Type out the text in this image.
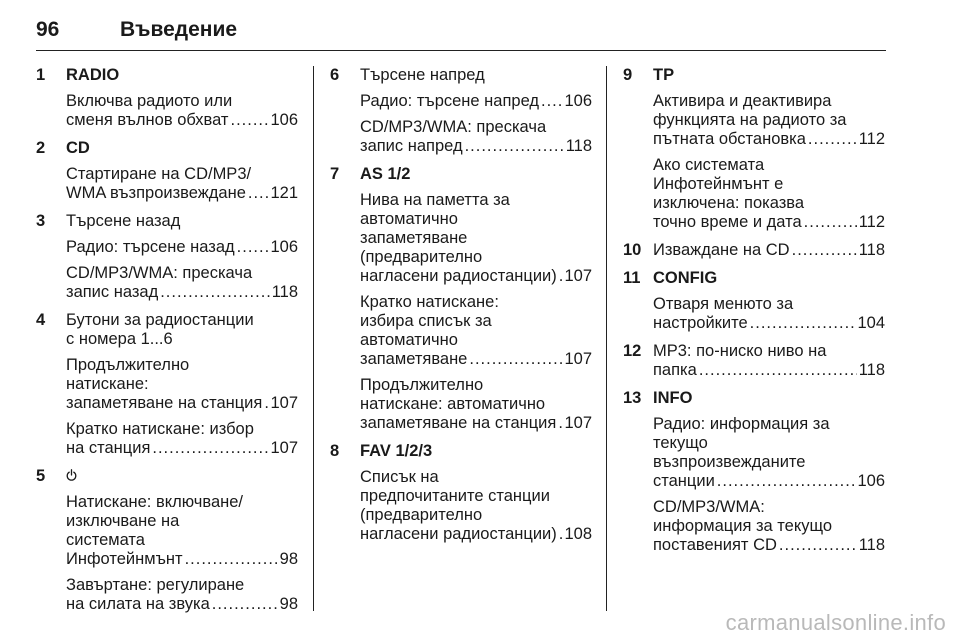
96	Въведение
1 RADIO
Включва радиото или
сменя вълнов обхват .....	106
2 CD
Стартиране на CD/MP3/
WMA възпроизвеждане ..... 121
3 Търсене назад
Радио: търсене назад ..... 106
CD/MP3/WMA: прескача
запис назад .....	118
4 Бутони за радиостанции
с номера 1...6
Продължително
натискане:
запаметяване на станция ..... 107
Кратко натискане: избор
на станция .....	107
5
Натискане: включване/
изключване на
системата
Инфотейнмънт .....	98
Завъртане: регулиране
на силата на звука .....	98
6 Търсене напред
Радио: търсене напред ..... 106
CD/MP3/WMA: прескача
запис напред .....	118
7 AS 1/2
Нива на паметта за
автоматично
запаметяване
(предварително
нагласени радиостанции) ..... 107
Кратко натискане:
избира списък за
автоматично
запаметяване .....	107
Продължително
натискане: автоматично
запаметяване на станция ..... 107
8 FAV 1/2/3
Списък на
предпочитаните станции
(предварително
нагласени радиостанции) ..... 108
9 TP
Активира и деактивира
функцията на радиото за
пътната обстановка .....	112
Ако системата
Инфотейнмънт е
изключена: показва
точно време и дата .....	112
10 Изваждане на CD .....	118
11 CONFIG
Отваря менюто за
настройките .....	104
12 MP3: по-ниско ниво на
папка .....	118
13 INFO
Радио: информация за
текущо
възпроизвежданите
станции .....	106
CD/MP3/WMA:
информация за текущо
поставеният CD .....	118
carmanualsonline.info
